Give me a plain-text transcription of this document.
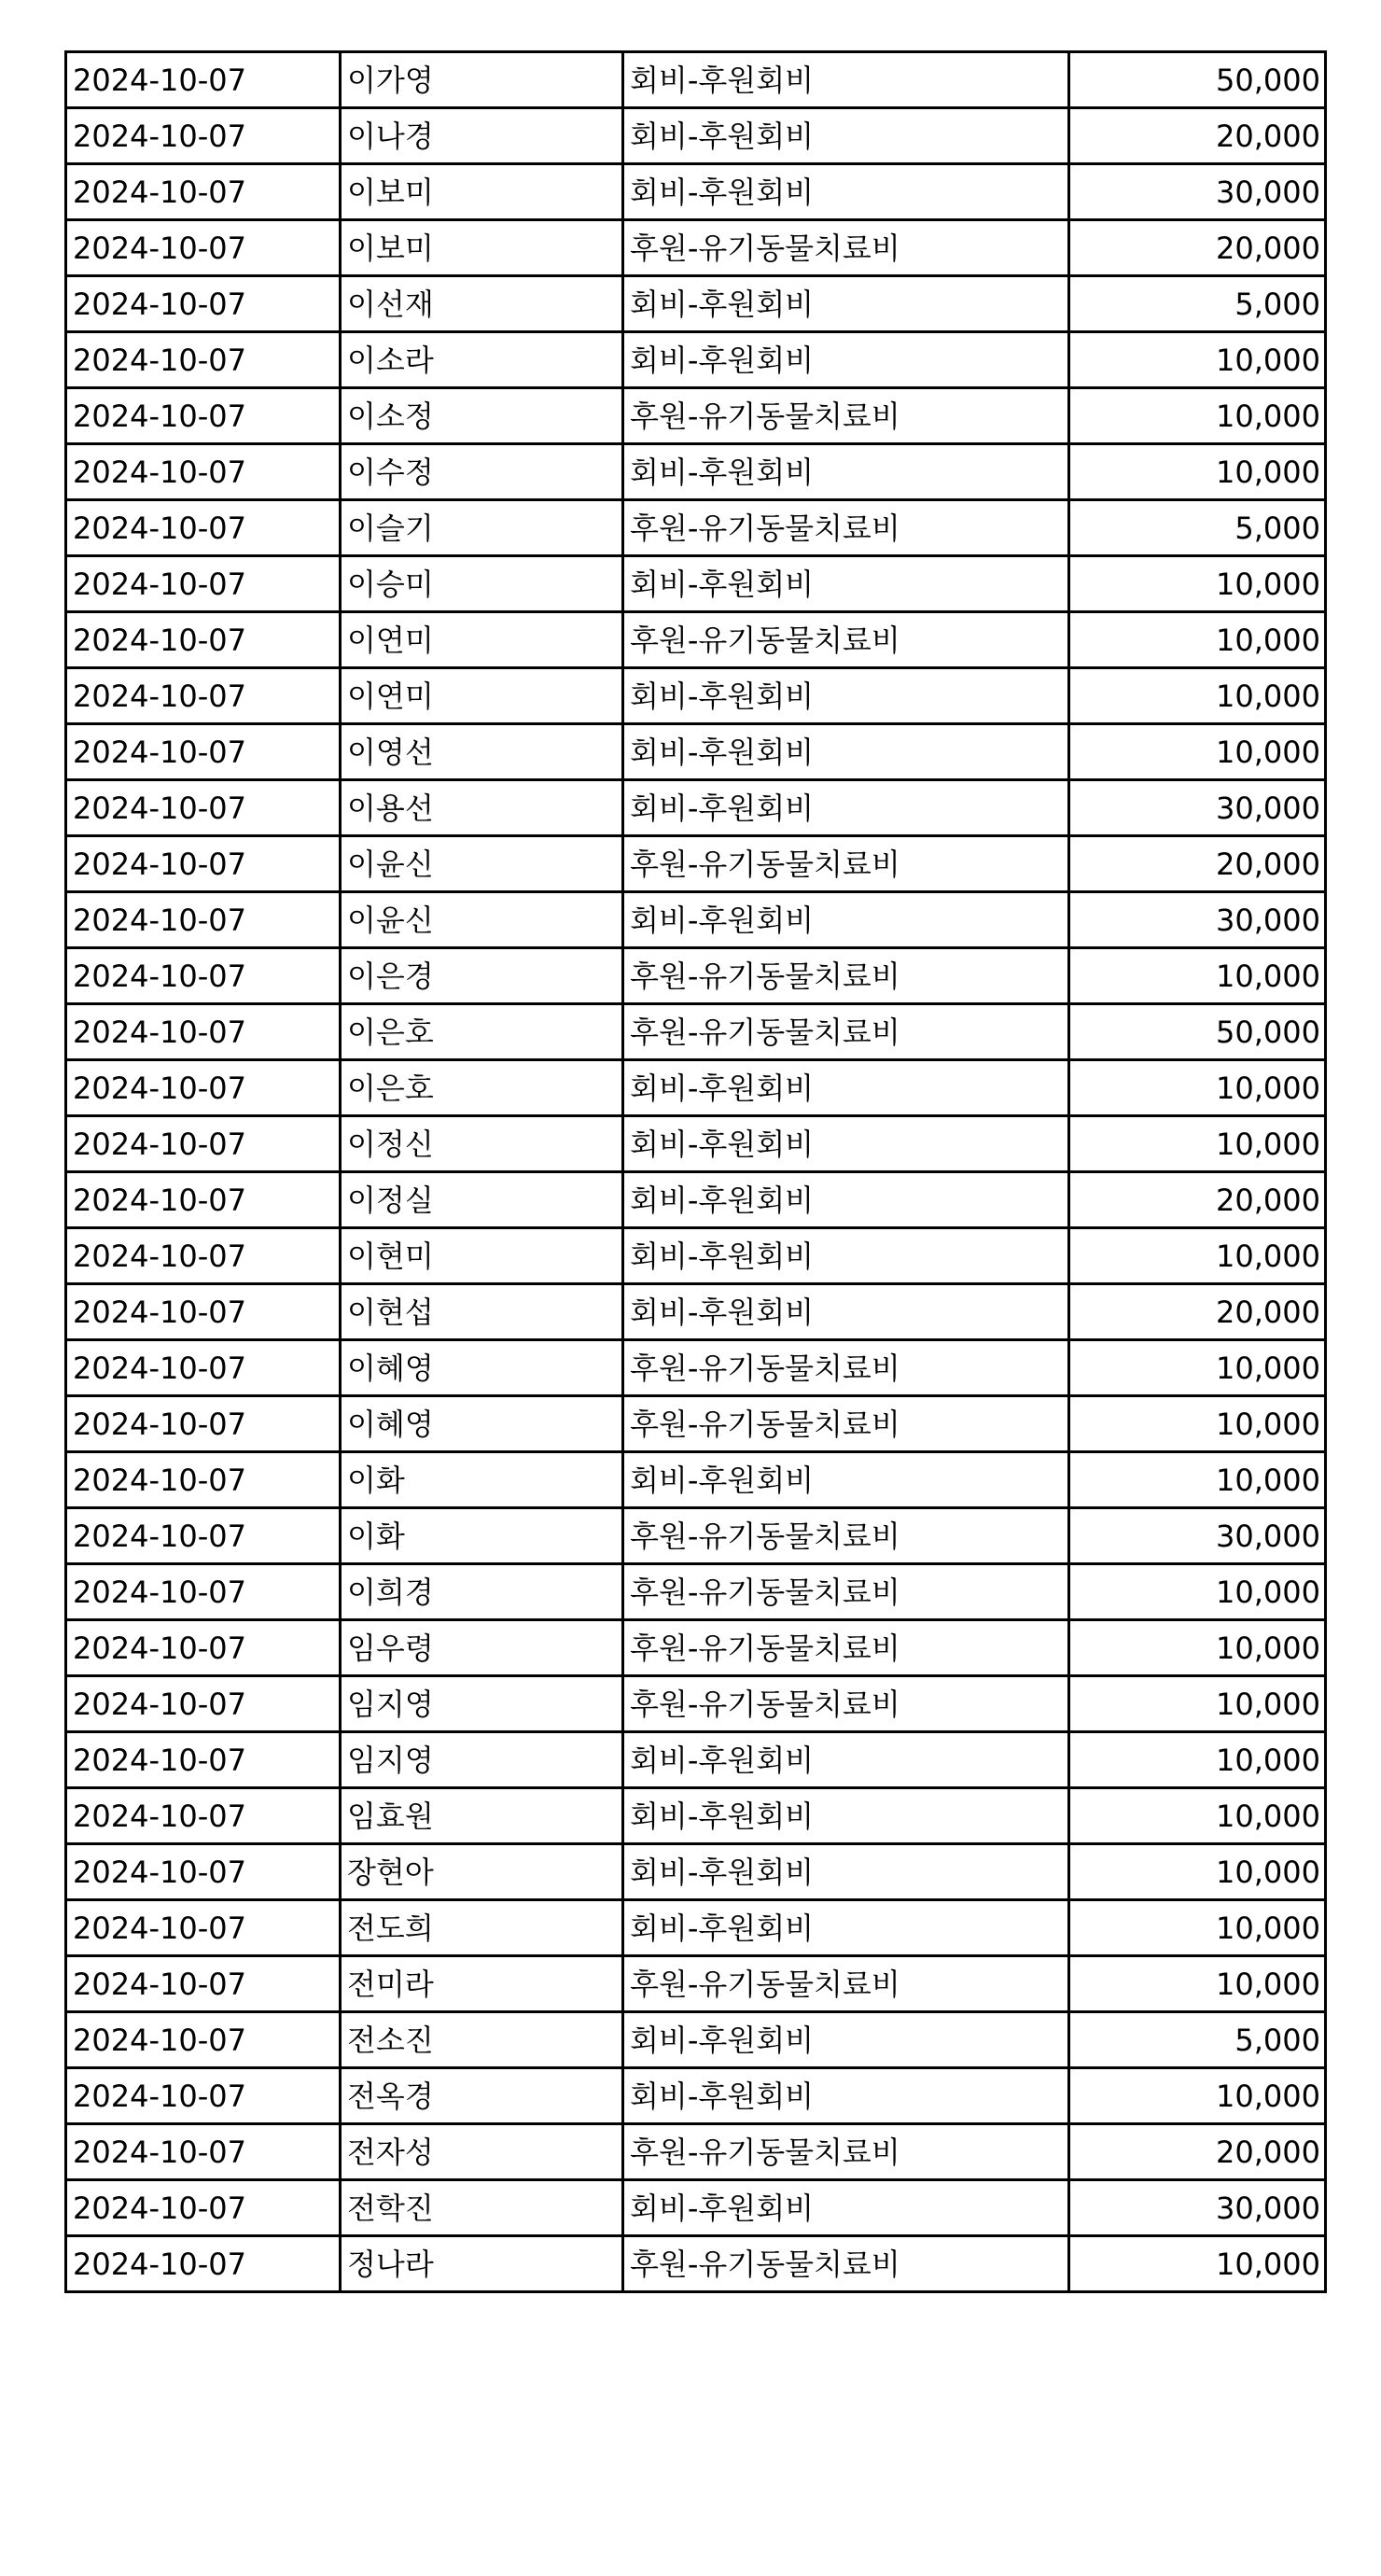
2024-10-07	이가영	회비-후원회비	50,000
2024-10-07	이나경	회비-후원회비	20,000
2024-10-07	이보미	회비-후원회비	30,000
2024-10-07	이보미	후원-유기동물치료비	20,000
2024-10-07	이선재	회비-후원회비	5,000
2024-10-07	이소라	회비-후원회비	10,000
2024-10-07	이소정	후원-유기동물치료비	10,000
2024-10-07	이수정	회비-후원회비	10,000
2024-10-07	이슬기	후원-유기동물치료비	5,000
2024-10-07	이승미	회비-후원회비	10,000
2024-10-07	이연미	후원-유기동물치료비	10,000
2024-10-07	이연미	회비-후원회비	10,000
2024-10-07	이영선	회비-후원회비	10,000
2024-10-07	이용선	회비-후원회비	30,000
2024-10-07	이윤신	후원-유기동물치료비	20,000
2024-10-07	이윤신	회비-후원회비	30,000
2024-10-07	이은경	후원-유기동물치료비	10,000
2024-10-07	이은호	후원-유기동물치료비	50,000
2024-10-07	이은호	회비-후원회비	10,000
2024-10-07	이정신	회비-후원회비	10,000
2024-10-07	이정실	회비-후원회비	20,000
2024-10-07	이현미	회비-후원회비	10,000
2024-10-07	이현섭	회비-후원회비	20,000
2024-10-07	이혜영	후원-유기동물치료비	10,000
2024-10-07	이혜영	후원-유기동물치료비	10,000
2024-10-07	이화	회비-후원회비	10,000
2024-10-07	이화	후원-유기동물치료비	30,000
2024-10-07	이희경	후원-유기동물치료비	10,000
2024-10-07	임우령	후원-유기동물치료비	10,000
2024-10-07	임지영	후원-유기동물치료비	10,000
2024-10-07	임지영	회비-후원회비	10,000
2024-10-07	임효원	회비-후원회비	10,000
2024-10-07	장현아	회비-후원회비	10,000
2024-10-07	전도희	회비-후원회비	10,000
2024-10-07	전미라	후원-유기동물치료비	10,000
2024-10-07	전소진	회비-후원회비	5,000
2024-10-07	전옥경	회비-후원회비	10,000
2024-10-07	전자성	후원-유기동물치료비	20,000
2024-10-07	전학진	회비-후원회비	30,000
2024-10-07	정나라	후원-유기동물치료비	10,000
